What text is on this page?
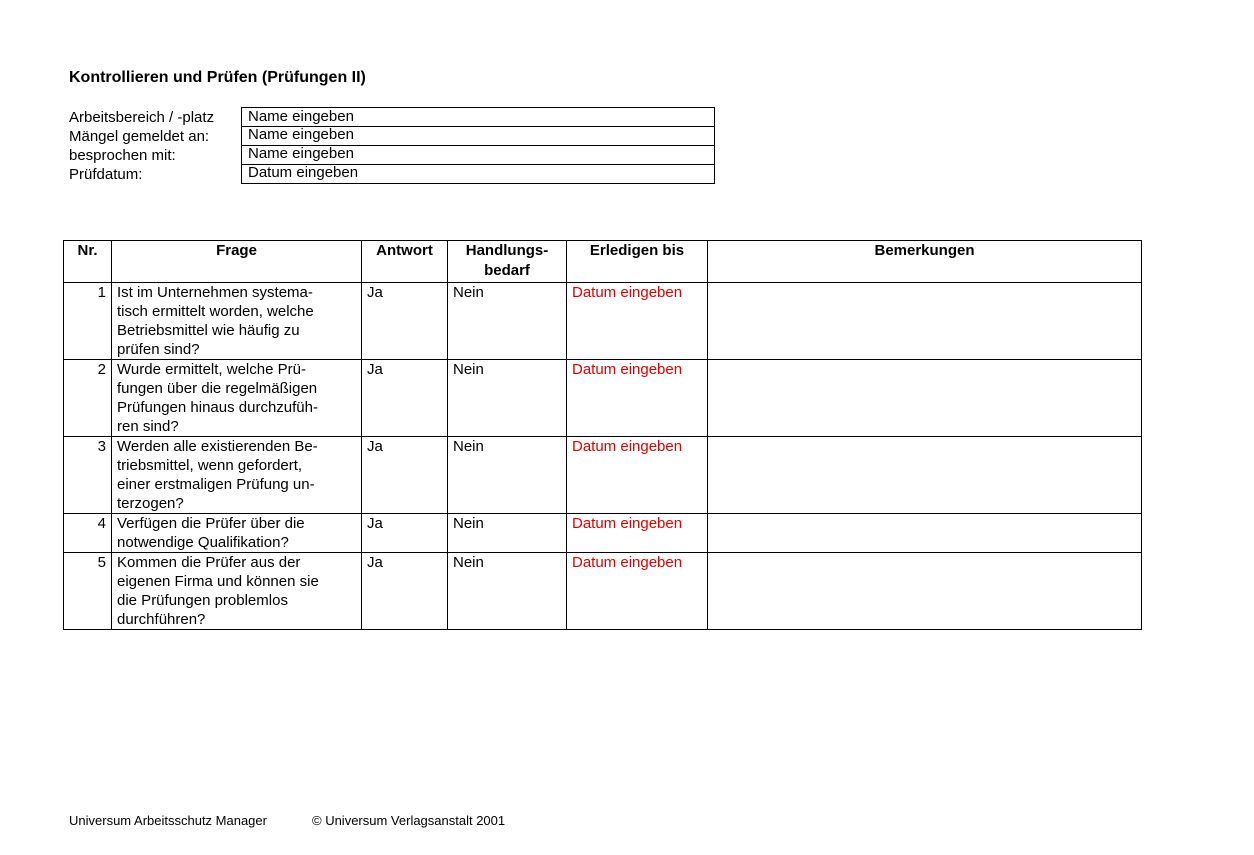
Kontrollieren und Prüfen (Prüfungen II)
Arbeitsbereich / -platz	Name eingeben
Mängel gemeldet an:	Name eingeben
besprochen mit:	Name eingeben
Prüfdatum:	Datum eingeben
Nr.	Frage	Antwort	Handlungs-
bedarf	Erledigen bis	Bemerkungen
1	Ist im Unternehmen systema-
tisch ermittelt worden, welche
Betriebsmittel wie häufig zu
prüfen sind?	Ja	Nein	Datum eingeben	
2	Wurde ermittelt, welche Prü-
fungen über die regelmäßigen
Prüfungen hinaus durchzufüh-
ren sind?	Ja	Nein	Datum eingeben	
3	Werden alle existierenden Be-
triebsmittel, wenn gefordert,
einer erstmaligen Prüfung un-
terzogen?	Ja	Nein	Datum eingeben	
4	Verfügen die Prüfer über die
notwendige Qualifikation?	Ja	Nein	Datum eingeben	
5	Kommen die Prüfer aus der
eigenen Firma und können sie
die Prüfungen problemlos
durchführen?	Ja	Nein	Datum eingeben	
Universum Arbeitsschutz Manager	© Universum Verlagsanstalt 2001
